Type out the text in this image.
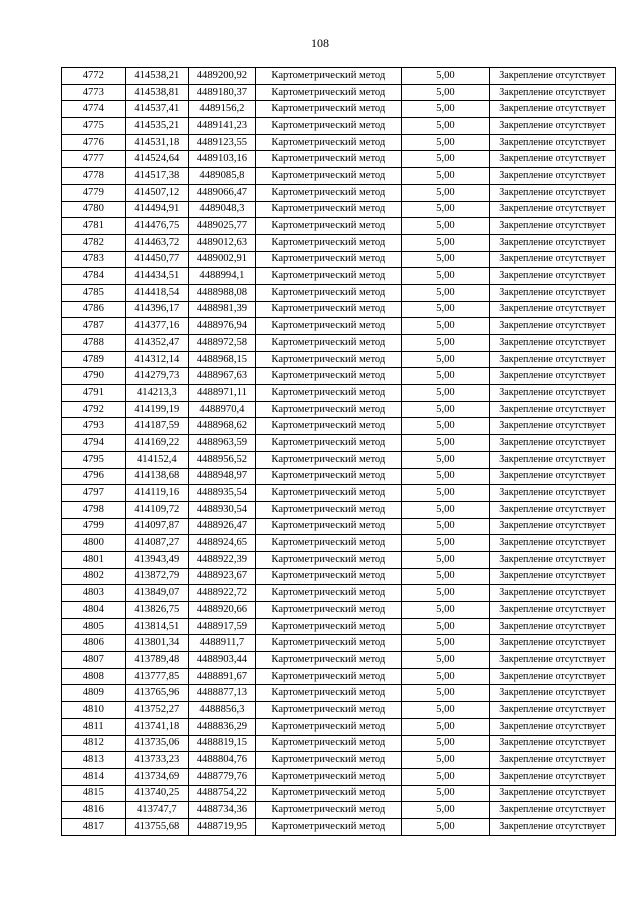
108
4772	414538,21	4489200,92	Картометрический метод	5,00	Закрепление отсутствует
4773	414538,81	4489180,37	Картометрический метод	5,00	Закрепление отсутствует
4774	414537,41	4489156,2	Картометрический метод	5,00	Закрепление отсутствует
4775	414535,21	4489141,23	Картометрический метод	5,00	Закрепление отсутствует
4776	414531,18	4489123,55	Картометрический метод	5,00	Закрепление отсутствует
4777	414524,64	4489103,16	Картометрический метод	5,00	Закрепление отсутствует
4778	414517,38	4489085,8	Картометрический метод	5,00	Закрепление отсутствует
4779	414507,12	4489066,47	Картометрический метод	5,00	Закрепление отсутствует
4780	414494,91	4489048,3	Картометрический метод	5,00	Закрепление отсутствует
4781	414476,75	4489025,77	Картометрический метод	5,00	Закрепление отсутствует
4782	414463,72	4489012,63	Картометрический метод	5,00	Закрепление отсутствует
4783	414450,77	4489002,91	Картометрический метод	5,00	Закрепление отсутствует
4784	414434,51	4488994,1	Картометрический метод	5,00	Закрепление отсутствует
4785	414418,54	4488988,08	Картометрический метод	5,00	Закрепление отсутствует
4786	414396,17	4488981,39	Картометрический метод	5,00	Закрепление отсутствует
4787	414377,16	4488976,94	Картометрический метод	5,00	Закрепление отсутствует
4788	414352,47	4488972,58	Картометрический метод	5,00	Закрепление отсутствует
4789	414312,14	4488968,15	Картометрический метод	5,00	Закрепление отсутствует
4790	414279,73	4488967,63	Картометрический метод	5,00	Закрепление отсутствует
4791	414213,3	4488971,11	Картометрический метод	5,00	Закрепление отсутствует
4792	414199,19	4488970,4	Картометрический метод	5,00	Закрепление отсутствует
4793	414187,59	4488968,62	Картометрический метод	5,00	Закрепление отсутствует
4794	414169,22	4488963,59	Картометрический метод	5,00	Закрепление отсутствует
4795	414152,4	4488956,52	Картометрический метод	5,00	Закрепление отсутствует
4796	414138,68	4488948,97	Картометрический метод	5,00	Закрепление отсутствует
4797	414119,16	4488935,54	Картометрический метод	5,00	Закрепление отсутствует
4798	414109,72	4488930,54	Картометрический метод	5,00	Закрепление отсутствует
4799	414097,87	4488926,47	Картометрический метод	5,00	Закрепление отсутствует
4800	414087,27	4488924,65	Картометрический метод	5,00	Закрепление отсутствует
4801	413943,49	4488922,39	Картометрический метод	5,00	Закрепление отсутствует
4802	413872,79	4488923,67	Картометрический метод	5,00	Закрепление отсутствует
4803	413849,07	4488922,72	Картометрический метод	5,00	Закрепление отсутствует
4804	413826,75	4488920,66	Картометрический метод	5,00	Закрепление отсутствует
4805	413814,51	4488917,59	Картометрический метод	5,00	Закрепление отсутствует
4806	413801,34	4488911,7	Картометрический метод	5,00	Закрепление отсутствует
4807	413789,48	4488903,44	Картометрический метод	5,00	Закрепление отсутствует
4808	413777,85	4488891,67	Картометрический метод	5,00	Закрепление отсутствует
4809	413765,96	4488877,13	Картометрический метод	5,00	Закрепление отсутствует
4810	413752,27	4488856,3	Картометрический метод	5,00	Закрепление отсутствует
4811	413741,18	4488836,29	Картометрический метод	5,00	Закрепление отсутствует
4812	413735,06	4488819,15	Картометрический метод	5,00	Закрепление отсутствует
4813	413733,23	4488804,76	Картометрический метод	5,00	Закрепление отсутствует
4814	413734,69	4488779,76	Картометрический метод	5,00	Закрепление отсутствует
4815	413740,25	4488754,22	Картометрический метод	5,00	Закрепление отсутствует
4816	413747,7	4488734,36	Картометрический метод	5,00	Закрепление отсутствует
4817	413755,68	4488719,95	Картометрический метод	5,00	Закрепление отсутствует
